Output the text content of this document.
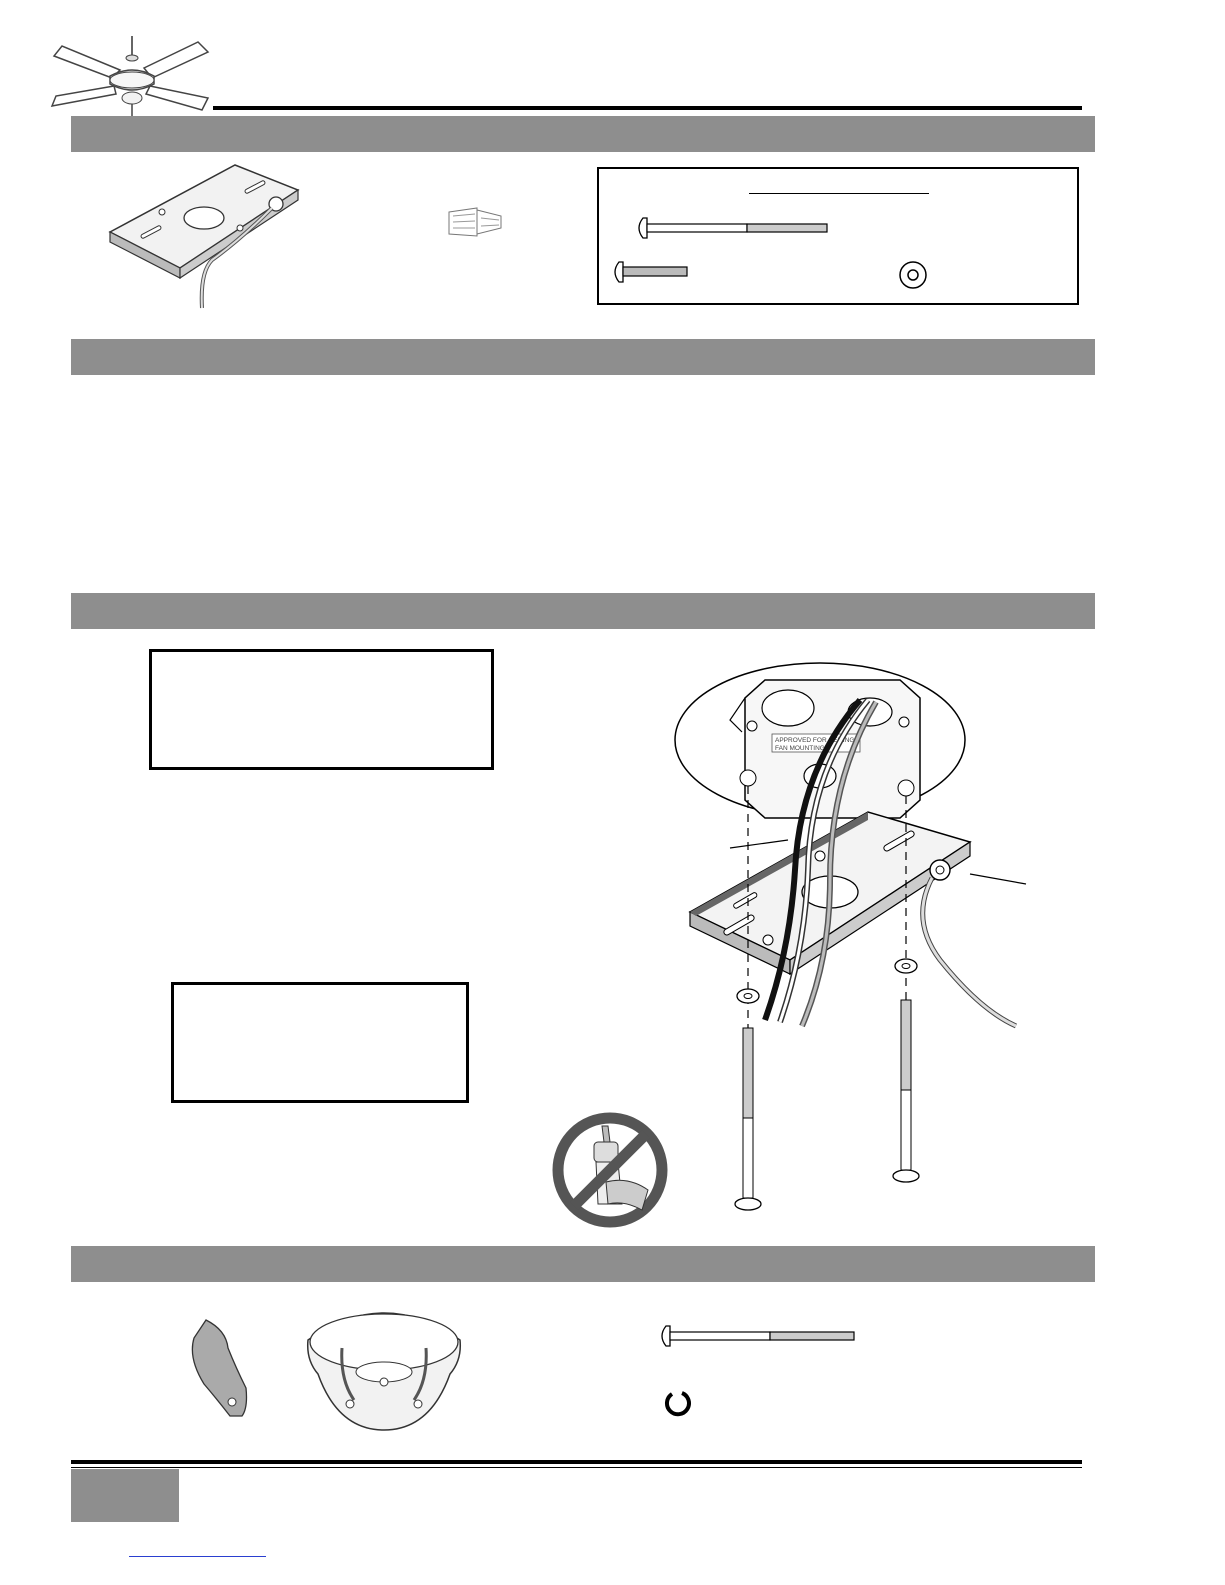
APPROVED FOR CEILING
FAN MOUNTING
